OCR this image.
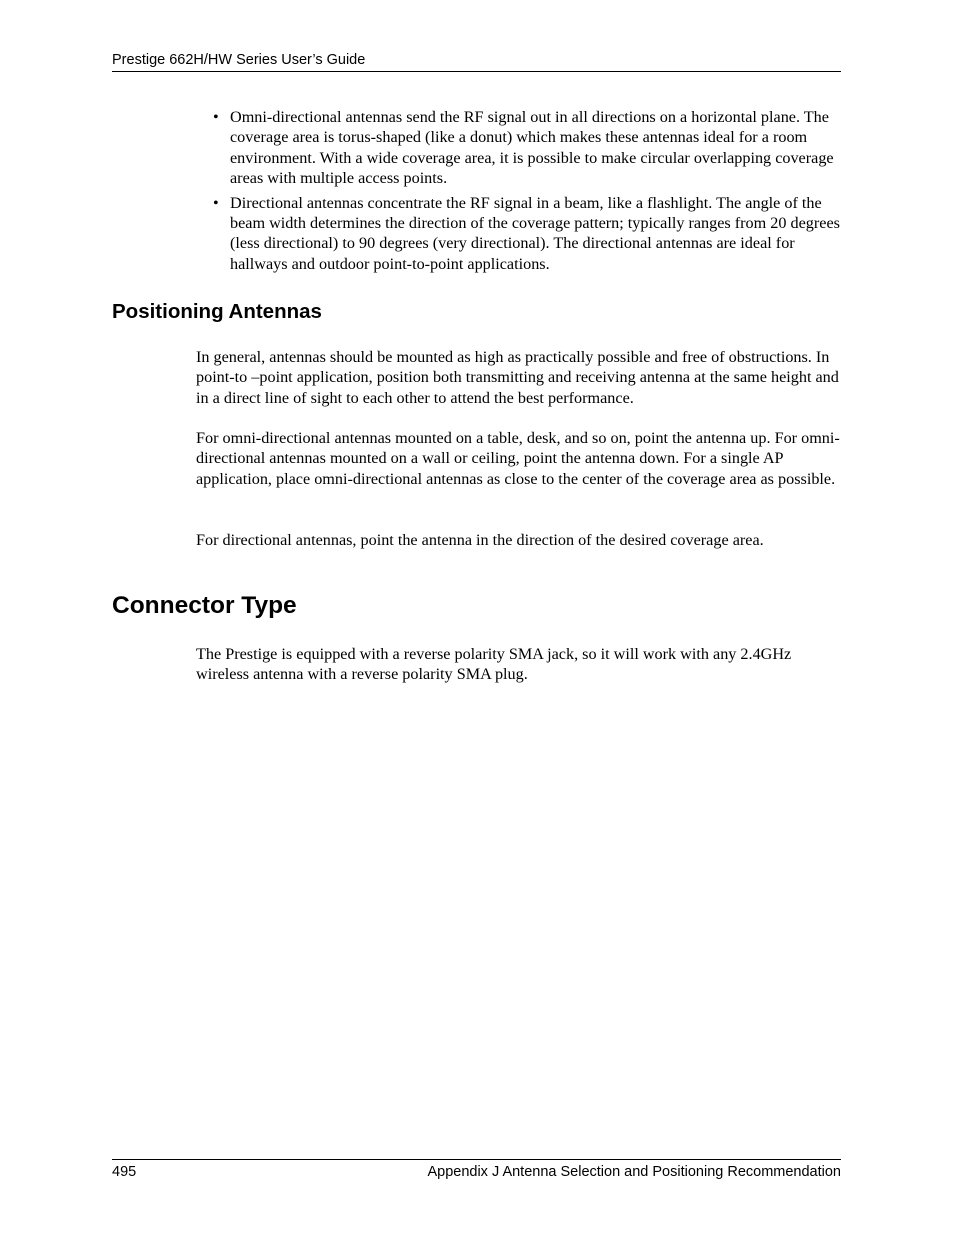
Prestige 662H/HW Series User’s Guide
• Omni-directional antennas send the RF signal out in all directions on a horizontal plane. The coverage area is torus-shaped (like a donut) which makes these antennas ideal for a room environment. With a wide coverage area, it is possible to make circular overlapping coverage areas with multiple access points.
• Directional antennas concentrate the RF signal in a beam, like a flashlight. The angle of the beam width determines the direction of the coverage pattern; typically ranges from 20 degrees (less directional) to 90 degrees (very directional). The directional antennas are ideal for hallways and outdoor point-to-point applications.
Positioning Antennas

In general, antennas should be mounted as high as practically possible and free of obstructions. In point-to –point application, position both transmitting and receiving antenna at the same height and in a direct line of sight to each other to attend the best performance.

For omni-directional antennas mounted on a table, desk, and so on, point the antenna up. For omni-directional antennas mounted on a wall or ceiling, point the antenna down. For a single AP application, place omni-directional antennas as close to the center of the coverage area as possible.

For directional antennas, point the antenna in the direction of the desired coverage area.

Connector Type

The Prestige is equipped with a reverse polarity SMA jack, so it will work with any 2.4GHz wireless antenna with a reverse polarity SMA plug.

495	Appendix J Antenna Selection and Positioning Recommendation
